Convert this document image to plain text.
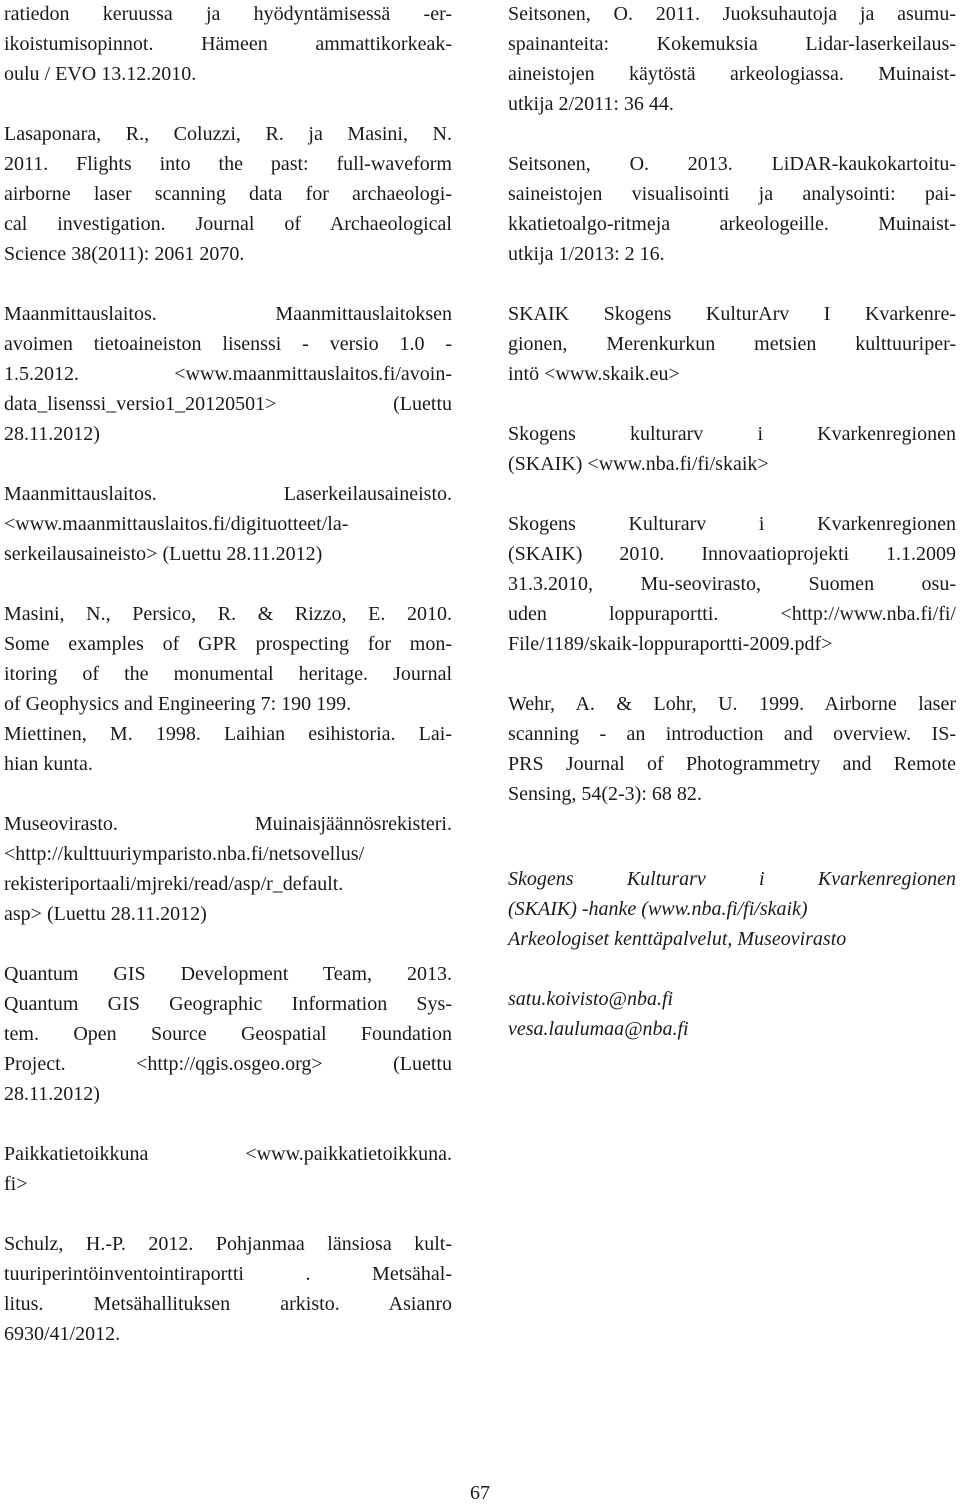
ratiedon keruussa ja hyödyntämisessä -er-
ikoistumisopinnot. Hämeen ammattikorkeak-
oulu / EVO 13.12.2010.

Lasaponara, R., Coluzzi, R. ja Masini, N.
2011. Flights into the past: full-waveform
airborne laser scanning data for archaeologi-
cal investigation. Journal of Archaeological
Science 38(2011): 2061 2070.

Maanmittauslaitos. Maanmittauslaitoksen
avoimen tietoaineiston lisenssi - versio 1.0 -
1.5.2012. <www.maanmittauslaitos.fi/avoin-
data_lisenssi_versio1_20120501> (Luettu
28.11.2012)

Maanmittauslaitos. Laserkeilausaineisto.
<www.maanmittauslaitos.fi/digituotteet/la-
serkeilausaineisto> (Luettu 28.11.2012)

Masini, N., Persico, R. & Rizzo, E. 2010.
Some examples of GPR prospecting for mon-
itoring of the monumental heritage. Journal
of Geophysics and Engineering 7: 190 199.
Miettinen, M. 1998. Laihian esihistoria. Lai-
hian kunta.

Museovirasto. Muinaisjäännösrekisteri.
<http://kulttuuriymparisto.nba.fi/netsovellus/
rekisteriportaali/mjreki/read/asp/r_default.
asp> (Luettu 28.11.2012)

Quantum GIS Development Team, 2013.
Quantum GIS Geographic Information Sys-
tem. Open Source Geospatial Foundation
Project. <http://qgis.osgeo.org> (Luettu
28.11.2012)

Paikkatietoikkuna <www.paikkatietoikkuna.
fi>

Schulz, H.-P. 2012. Pohjanmaa länsiosa kult-
tuuriperintöinventointiraportti . Metsähal-
litus. Metsähallituksen arkisto. Asianro
6930/41/2012.

Seitsonen, O. 2011. Juoksuhautoja ja asumu-
spainanteita: Kokemuksia Lidar-laserkeilaus-
aineistojen käytöstä arkeologiassa. Muinaist-
utkija 2/2011: 36 44.

Seitsonen, O. 2013. LiDAR-kaukokartoitu-
saineistojen visualisointi ja analysointi: pai-
kkatietoalgo-ritmeja arkeologeille. Muinaist-
utkija 1/2013: 2 16.

SKAIK Skogens KulturArv I Kvarkenre-
gionen, Merenkurkun metsien kulttuuriper-
intö <www.skaik.eu>

Skogens kulturarv i Kvarkenregionen
(SKAIK) <www.nba.fi/fi/skaik>

Skogens Kulturarv i Kvarkenregionen
(SKAIK) 2010. Innovaatioprojekti 1.1.2009
31.3.2010, Mu-seovirasto, Suomen osu-
uden loppuraportti. <http://www.nba.fi/fi/
File/1189/skaik-loppuraportti-2009.pdf>

Wehr, A. & Lohr, U. 1999. Airborne laser
scanning - an introduction and overview. IS-
PRS Journal of Photogrammetry and Remote
Sensing, 54(2-3): 68 82.

Skogens Kulturarv i Kvarkenregionen
(SKAIK) -hanke (www.nba.fi/fi/skaik)
Arkeologiset kenttäpalvelut, Museovirasto

satu.koivisto@nba.fi
vesa.laulumaa@nba.fi

67
